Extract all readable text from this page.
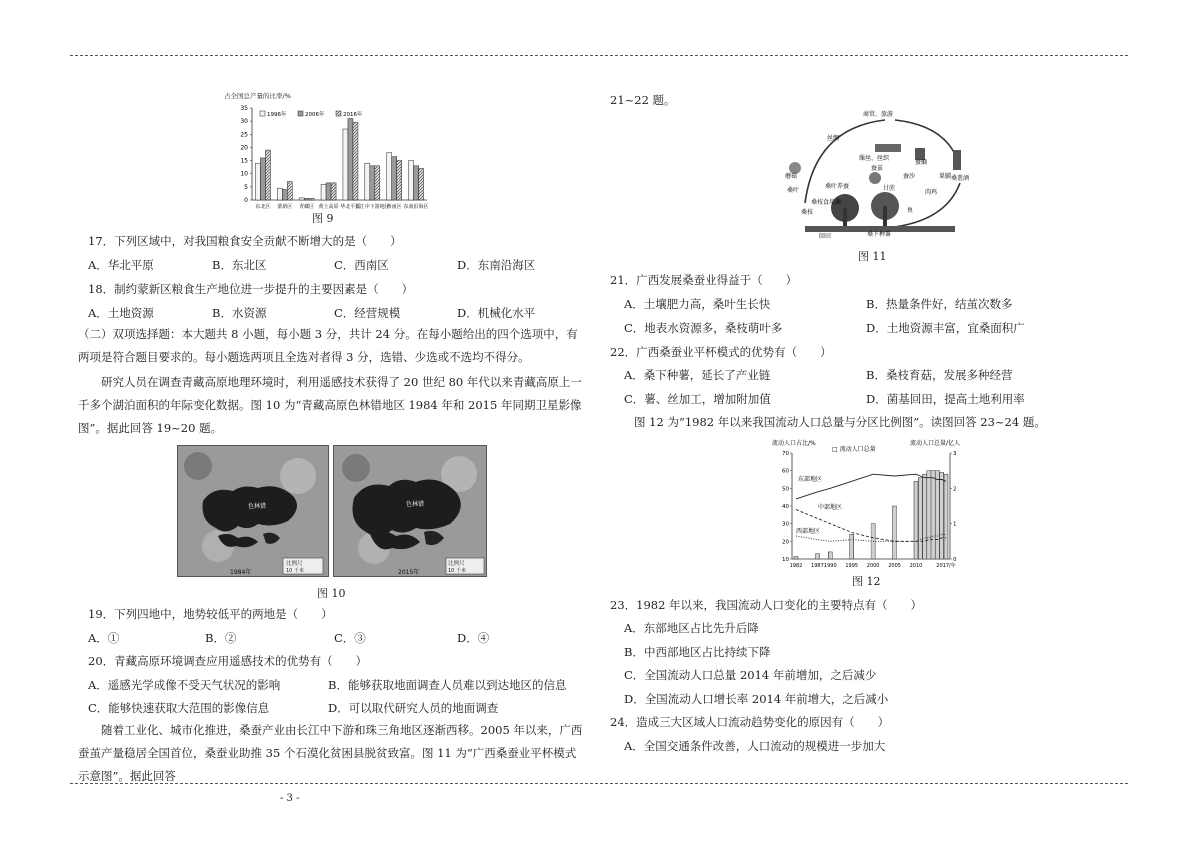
占全国总产量的比率/%
35
30
25
20
15
10
5
0
东北区 蒙新区 青藏区 黄土高原 华北平原
长江中下游地区
西南区 东南沿海区
1996年	2006年	2016年
图 9
17．下列区域中，对我国粮食安全贡献不断增大的是（　　）
A．华北平原	B．东北区	C．西南区	D．东南沿海区
18．制约蒙新区粮食生产地位进一步提升的主要因素是（　　）
A．土地资源	B．水资源	C．经营规模	D．机械化水平
（二）双项选择题：本大题共 8 小题，每小题 3 分，共计 24 分。在每小题给出的四个选项中，有两项是符合题目要求的。每小题选两项且全选对者得 3 分，选错、少选或不选均不得分。
研究人员在调查青藏高原地理环境时，利用遥感技术获得了 20 世纪 80 年代以来青藏高原上一千多个湖泊面积的年际变化数据。图 10 为“青藏高原色林错地区 1984 年和 2015 年同期卫星影像图”。据此回答 19~20 题。
色林错
比例尺
10 千米
1984年
色林错
比例尺
10 千米
2015年
图 10
19．下列四地中，地势较低平的两地是（　　）
A．①	B．②	C．③	D．④
20．青藏高原环境调查应用遥感技术的优势有（　　）
A．遥感光学成像不受天气状况的影响	B．能够获取地面调查人员难以到达地区的信息
C．能够快速获取大范围的影像信息	D．可以取代研究人员的地面调查
随着工业化、城市化推进，桑蚕产业由长江中下游和珠三角地区逐渐西移。2005 年以来，广西蚕茧产量稳居全国首位，桑蚕业助推 35 个石漠化贫困县脱贫致富。图 11 为“广西桑蚕业平杯模式示意图”。据此回答
21~22 题。
商贸、旅游
丝绸
缫丝、丝织
蚕蛹
桑葚酒
蘑菇
桑叶养蚕
蚕茧
蚕沙
肉鸡
果脯
鱼
甘蔗
桑枝
桑叶
桑枝食用菌
桑下种薯
回田
图 11
21．广西发展桑蚕业得益于（　　）
A．土壤肥力高，桑叶生长快	B．热量条件好，结茧次数多
C．地表水资源多，桑枝萌叶多	D．土地资源丰富，宜桑面积广
22．广西桑蚕业平杯模式的优势有（　　）
A．桑下种薯，延长了产业链	B．桑枝育菇，发展多种经营
C．薯、丝加工，增加附加值	D．菌基回田，提高土地利用率
图 12 为“1982 年以来我国流动人口总量与分区比例图”。读图回答 23~24 题。
流动人口占比/%	流动人口总量/亿人
□ 流动人口总量
70
60
50
40
30
20
10
3
2
1
0
1982 1987 1990 1995 2000 2005 2010	2017/年
东部地区
中部地区
西部地区
图 12
23．1982 年以来，我国流动人口变化的主要特点有（　　）
A．东部地区占比先升后降
B．中西部地区占比持续下降
C．全国流动人口总量 2014 年前增加，之后减少
D．全国流动人口增长率 2014 年前增大，之后减小
24．造成三大区域人口流动趋势变化的原因有（　　）
A．全国交通条件改善，人口流动的规模进一步加大
- 3 -
